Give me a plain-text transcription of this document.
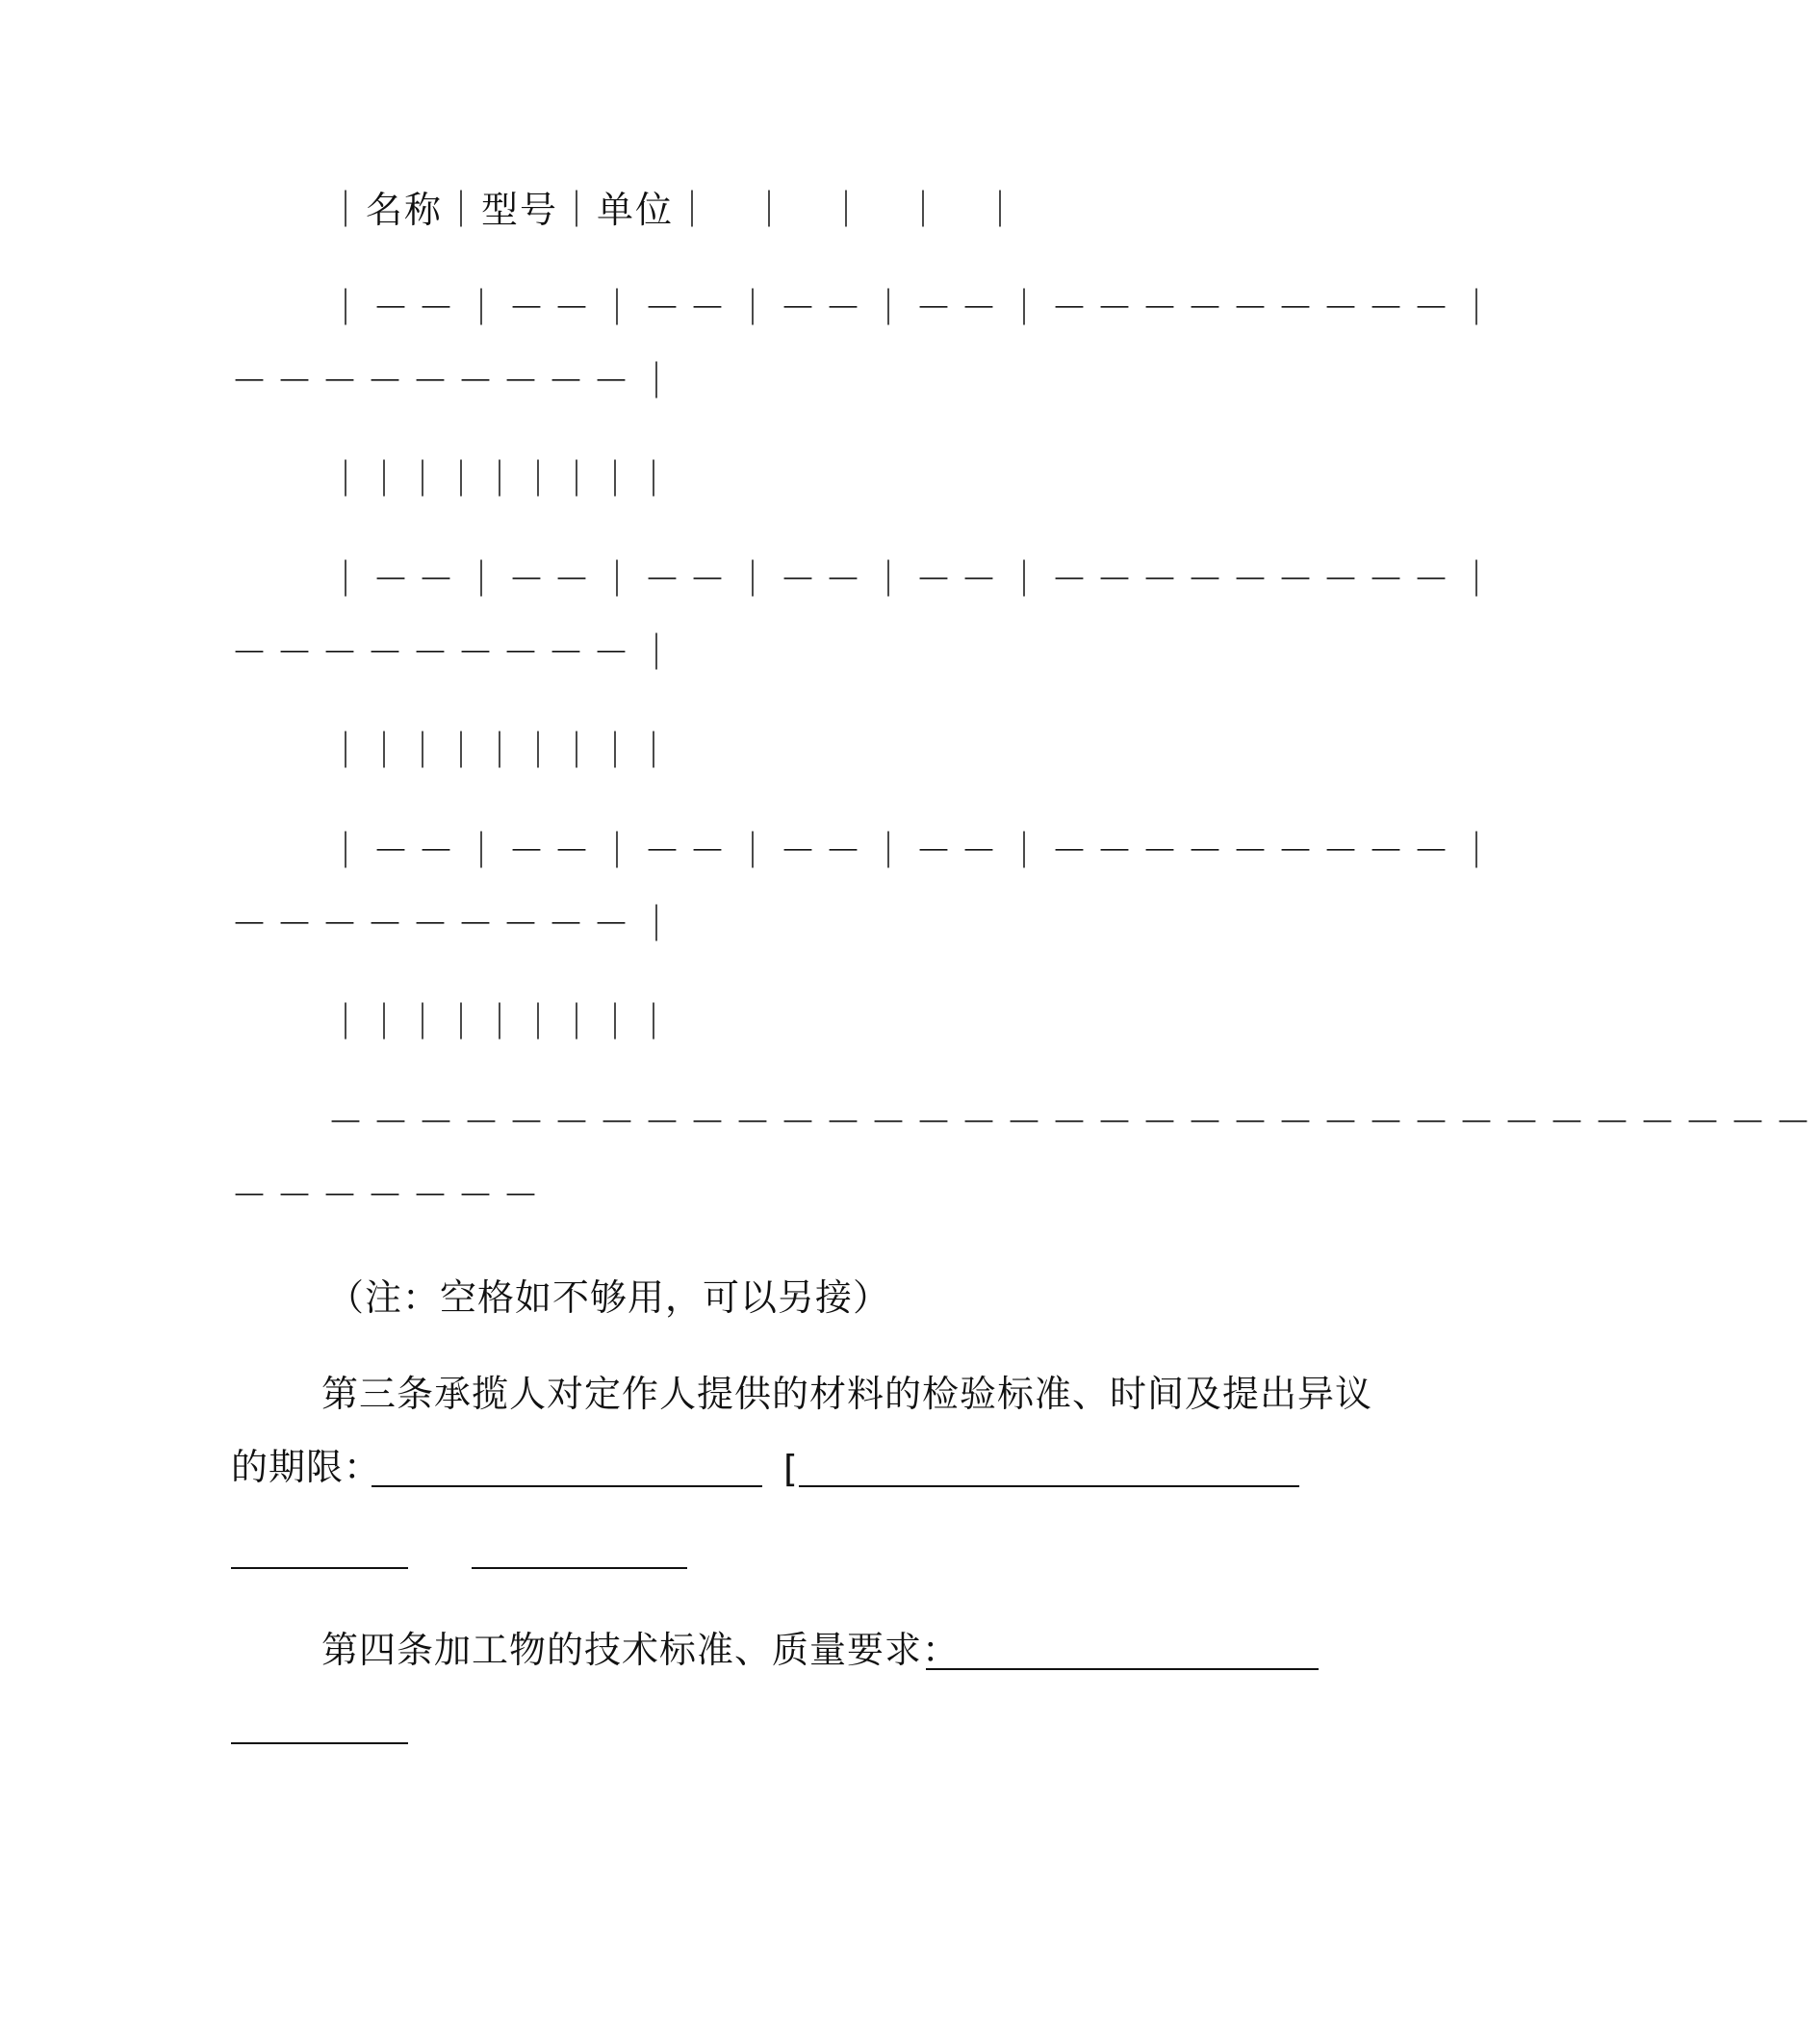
｜名称｜型号｜单位｜　｜　｜　｜　｜
｜－－｜－－｜－－｜－－｜－－｜－－－－－－－－－｜
－－－－－－－－－｜
｜｜｜｜｜｜｜｜｜
｜－－｜－－｜－－｜－－｜－－｜－－－－－－－－－｜
－－－－－－－－－｜
｜｜｜｜｜｜｜｜｜
｜－－｜－－｜－－｜－－｜－－｜－－－－－－－－－｜
－－－－－－－－－｜
｜｜｜｜｜｜｜｜｜
－－－－－－－－－－－－－－－－－－－－－－－－－－－－－－－－－
－－－－－－－
（注：空格如不够用，可以另接）
第三条承揽人对定作人提供的材料的检验标准、时间及提出异议
的期限：	[
第四条加工物的技术标准、质量要求：
